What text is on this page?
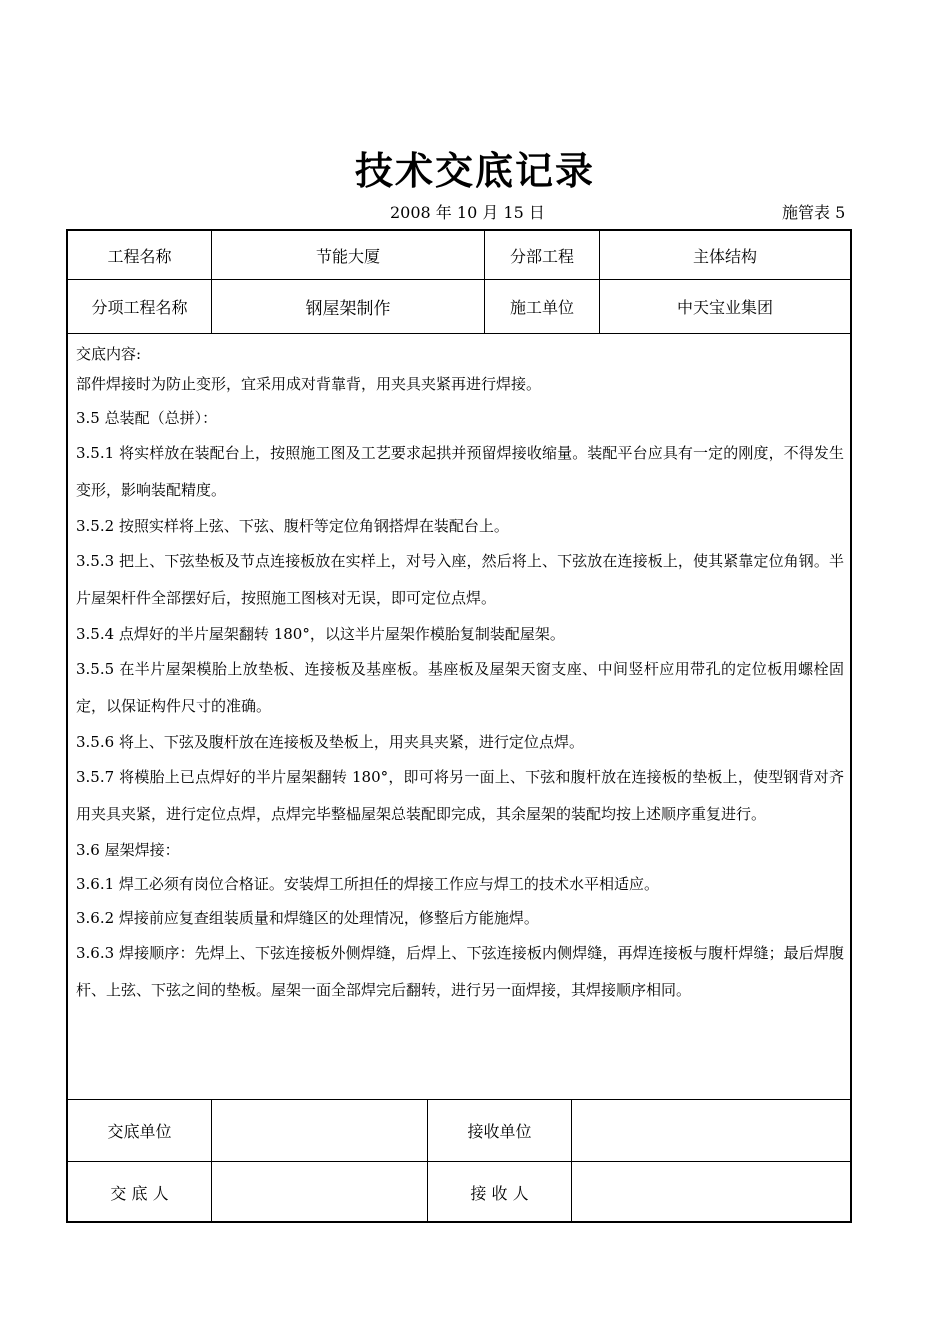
技术交底记录
2008 年 10 月 15 日	施管表 5
工程名称	节能大厦	分部工程	主体结构
分项工程名称	钢屋架制作	施工单位	中天宝业集团

交底内容:

部件焊接时为防止变形，宜采用成对背靠背，用夹具夹紧再进行焊接。

3.5 总装配（总拼）：

3.5.1 将实样放在装配台上，按照施工图及工艺要求起拱并预留焊接收缩量。装配平台应具有一定的刚度，不得发生变形，影响装配精度。

3.5.2 按照实样将上弦、下弦、腹杆等定位角钢搭焊在装配台上。

3.5.3 把上、下弦垫板及节点连接板放在实样上，对号入座，然后将上、下弦放在连接板上，使其紧靠定位角钢。半片屋架杆件全部摆好后，按照施工图核对无误，即可定位点焊。

3.5.4 点焊好的半片屋架翻转 180°，以这半片屋架作模胎复制装配屋架。

3.5.5 在半片屋架模胎上放垫板、连接板及基座板。基座板及屋架天窗支座、中间竖杆应用带孔的定位板用螺栓固定，以保证构件尺寸的准确。

3.5.6 将上、下弦及腹杆放在连接板及垫板上，用夹具夹紧，进行定位点焊。

3.5.7 将模胎上已点焊好的半片屋架翻转 180°，即可将另一面上、下弦和腹杆放在连接板的垫板上，使型钢背对齐用夹具夹紧，进行定位点焊，点焊完毕整榀屋架总装配即完成，其余屋架的装配均按上述顺序重复进行。

3.6 屋架焊接：

3.6.1 焊工必须有岗位合格证。安装焊工所担任的焊接工作应与焊工的技术水平相适应。

3.6.2 焊接前应复查组装质量和焊缝区的处理情况，修整后方能施焊。

3.6.3 焊接顺序：先焊上、下弦连接板外侧焊缝，后焊上、下弦连接板内侧焊缝，再焊连接板与腹杆焊缝；最后焊腹杆、上弦、下弦之间的垫板。屋架一面全部焊完后翻转，进行另一面焊接，其焊接顺序相同。

交底单位	接收单位
交 底 人	接 收 人
